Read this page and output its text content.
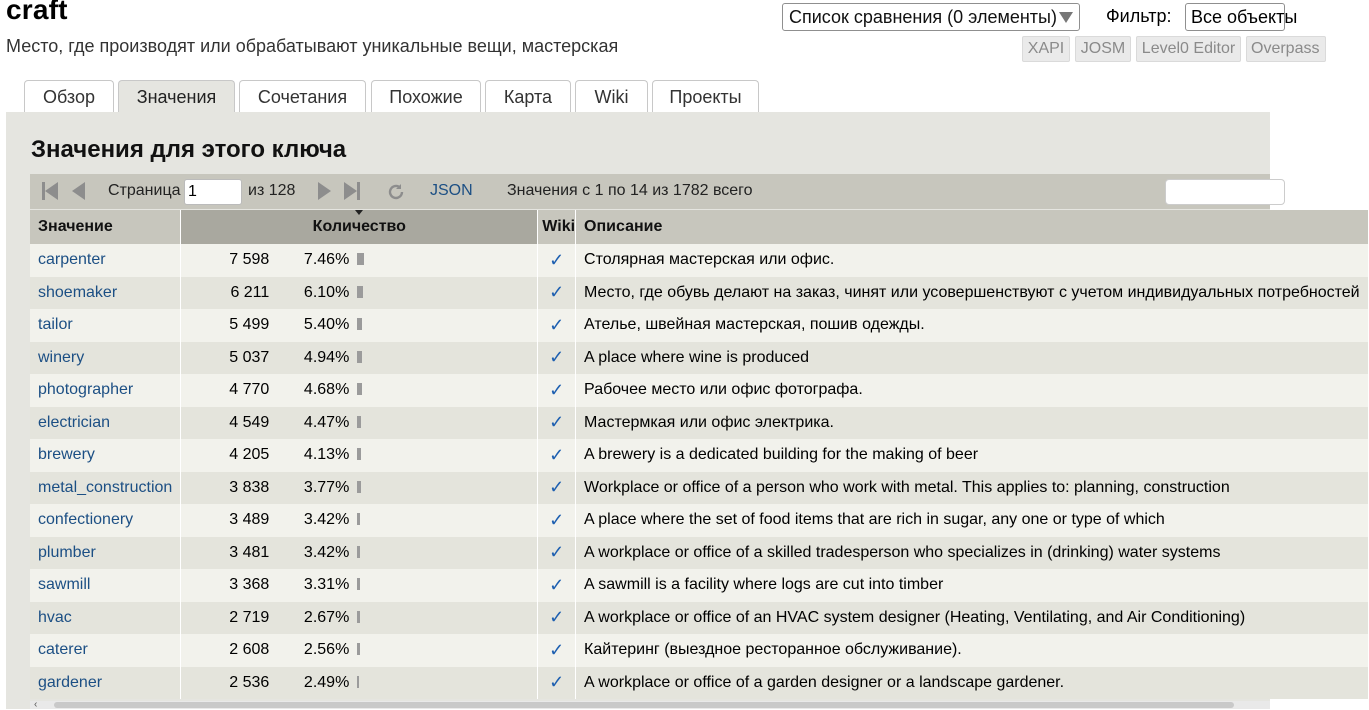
craft
Место, где производят или обрабатывают уникальные вещи, мастерская
Список сравнения (0 элементы)	Фильтр:	Все объекты
XAPI	JOSM	Level0 Editor Overpass
Обзор	Значения	Сочетания	Похожие	Карта	Wiki	Проекты
Значения для этого ключа
Страница
1	из 128	JSON Значения с 1 по 14 из 1782 всего
Значение	Количество	Wiki	Описание
carpenter	7 598 7.46%	✓	Столярная мастерская или офис.
shoemaker	6 211 6.10%	✓	Место, где обувь делают на заказ, чинят или усовершенствуют с учетом индивидуальных потребностей
tailor	5 499 5.40%	✓	Ателье, швейная мастерская, пошив одежды.
winery	5 037 4.94%	✓	A place where wine is produced
photographer	4 770 4.68%	✓	Рабочее место или офис фотографа.
electrician	4 549 4.47%	✓	Мастермкая или офис электрика.
brewery	4 205 4.13%	✓	A brewery is a dedicated building for the making of beer
metal_construction	3 838 3.77%	✓	Workplace or office of a person who work with metal. This applies to: planning, construction
confectionery	3 489 3.42%	✓	A place where the set of food items that are rich in sugar, any one or type of which
plumber	3 481 3.42%	✓	A workplace or office of a skilled tradesperson who specializes in (drinking) water systems
sawmill	3 368 3.31%	✓	A sawmill is a facility where logs are cut into timber
hvac	2 719 2.67%	✓	A workplace or office of an HVAC system designer (Heating, Ventilating, and Air Conditioning)
caterer	2 608 2.56%	✓	Кайтеринг (выездное ресторанное обслуживание).
gardener	2 536 2.49%	✓	A workplace or office of a garden designer or a landscape gardener.
‹
